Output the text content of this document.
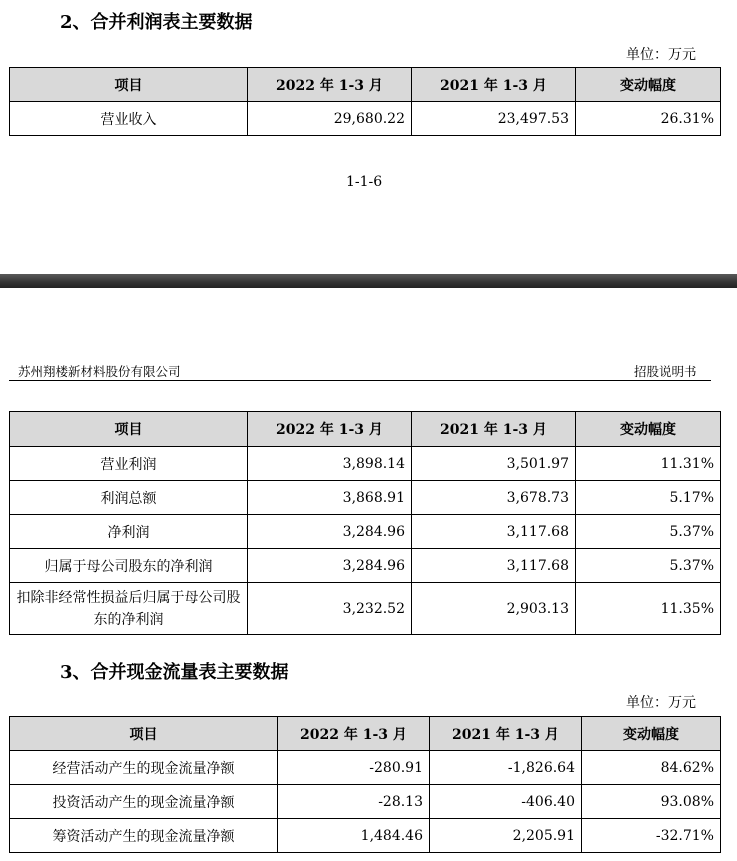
2、合并利润表主要数据
单位：万元
项目	2022 年 1-3 月	2021 年 1-3 月	变动幅度
营业收入	29,680.22	23,497.53	26.31%
1-1-6
苏州翔楼新材料股份有限公司	招股说明书
项目	2022 年 1-3 月	2021 年 1-3 月	变动幅度
营业利润	3,898.14	3,501.97	11.31%
利润总额	3,868.91	3,678.73	5.17%
净利润	3,284.96	3,117.68	5.37%
归属于母公司股东的净利润	3,284.96	3,117.68	5.37%
扣除非经常性损益后归属于母公司股东的净利润	3,232.52	2,903.13	11.35%
3、合并现金流量表主要数据
单位：万元
项目	2022 年 1-3 月	2021 年 1-3 月	变动幅度
经营活动产生的现金流量净额	-280.91	-1,826.64	84.62%
投资活动产生的现金流量净额	-28.13	-406.40	93.08%
筹资活动产生的现金流量净额	1,484.46	2,205.91	-32.71%
